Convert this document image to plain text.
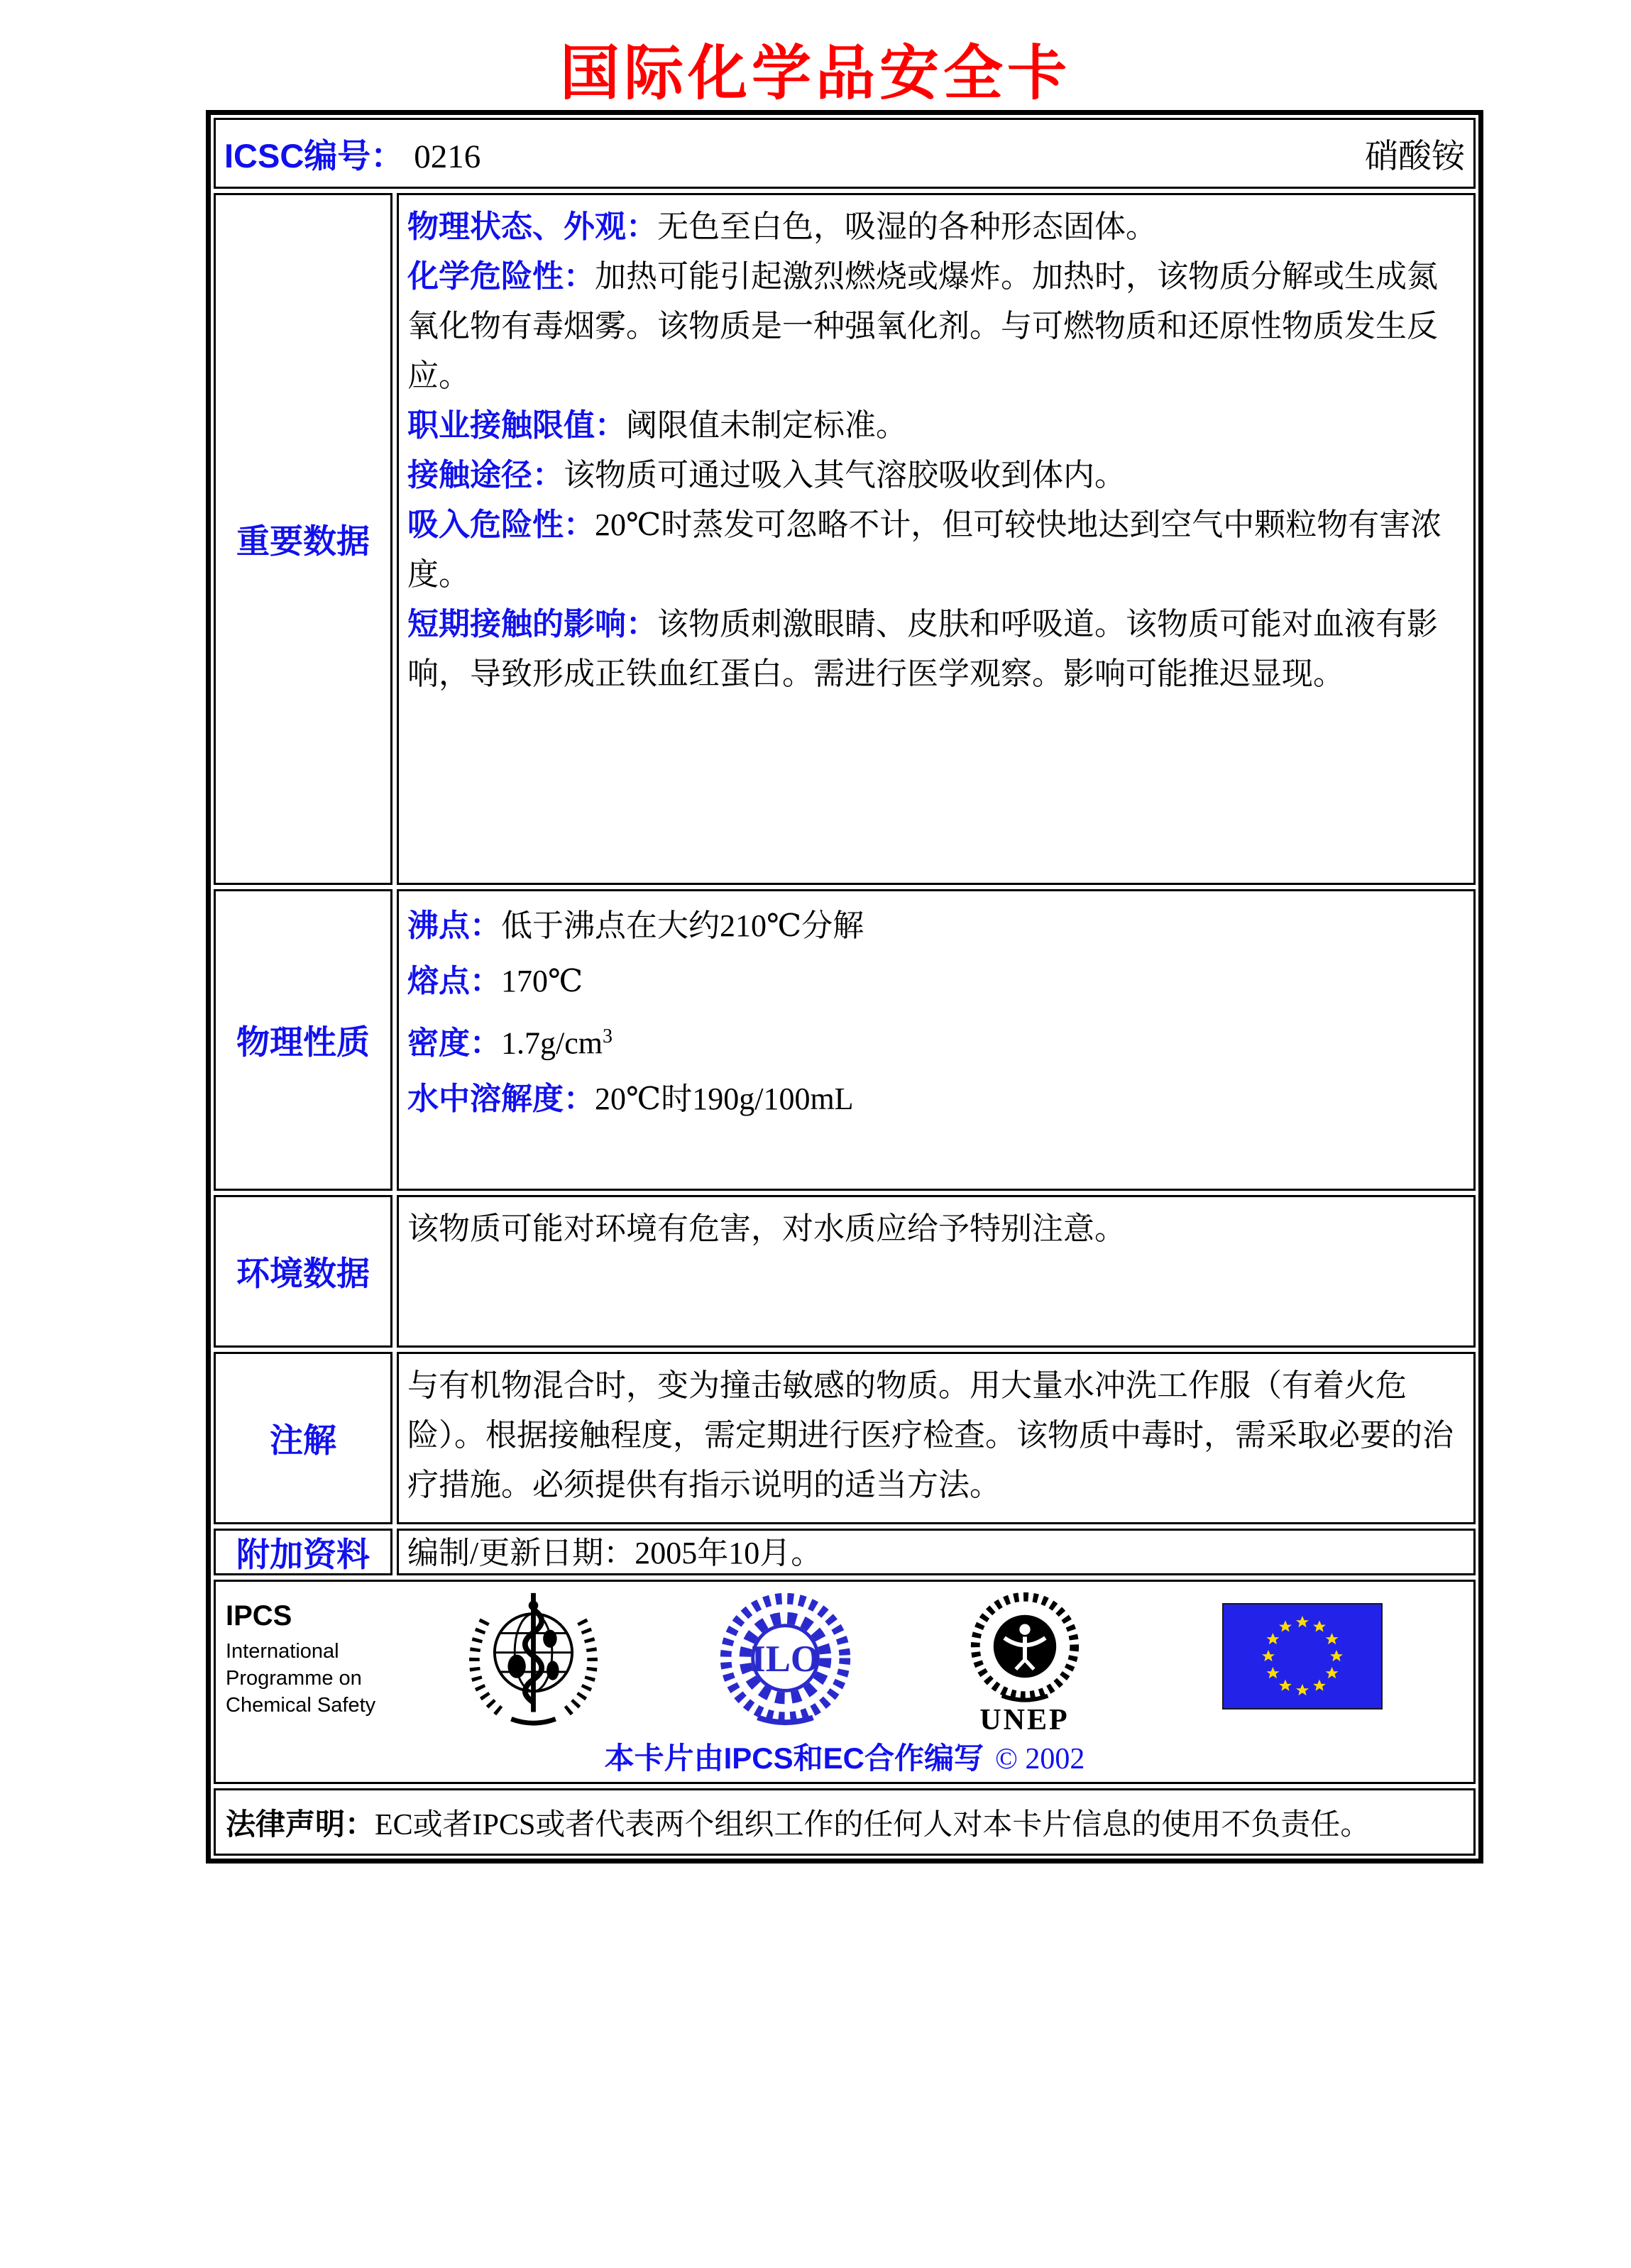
国际化学品安全卡
ICSC编号： 0216	硝酸铵
重要数据

物理状态、外观：无色至白色，吸湿的各种形态固体。

化学危险性：加热可能引起激烈燃烧或爆炸。加热时，该物质分解或生成氮氧化物有毒烟雾。该物质是一种强氧化剂。与可燃物质和还原性物质发生反应。

职业接触限值：阈限值未制定标准。

接触途径：该物质可通过吸入其气溶胶吸收到体内。

吸入危险性：20℃时蒸发可忽略不计，但可较快地达到空气中颗粒物有害浓度。

短期接触的影响：该物质刺激眼睛、皮肤和呼吸道。该物质可能对血液有影响，导致形成正铁血红蛋白。需进行医学观察。影响可能推迟显现。

物理性质

沸点：低于沸点在大约210℃分解

熔点：170℃

密度：$1.7g/cm^3$

水中溶解度：20℃时190g/100mL

环境数据

该物质可能对环境有危害，对水质应给予特别注意。

注解

与有机物混合时，变为撞击敏感的物质。用大量水冲洗工作服（有着火危险）。根据接触程度，需定期进行医疗检查。该物质中毒时，需采取必要的治疗措施。必须提供有指示说明的适当方法。

附加资料	编制/更新日期：2005年10月。

IPCS
International
Programme on
Chemical Safety
ILO
UNEP
本卡片由IPCS和EC合作编写 © 2002

法律声明：EC或者IPCS或者代表两个组织工作的任何人对本卡片信息的使用不负责任。
